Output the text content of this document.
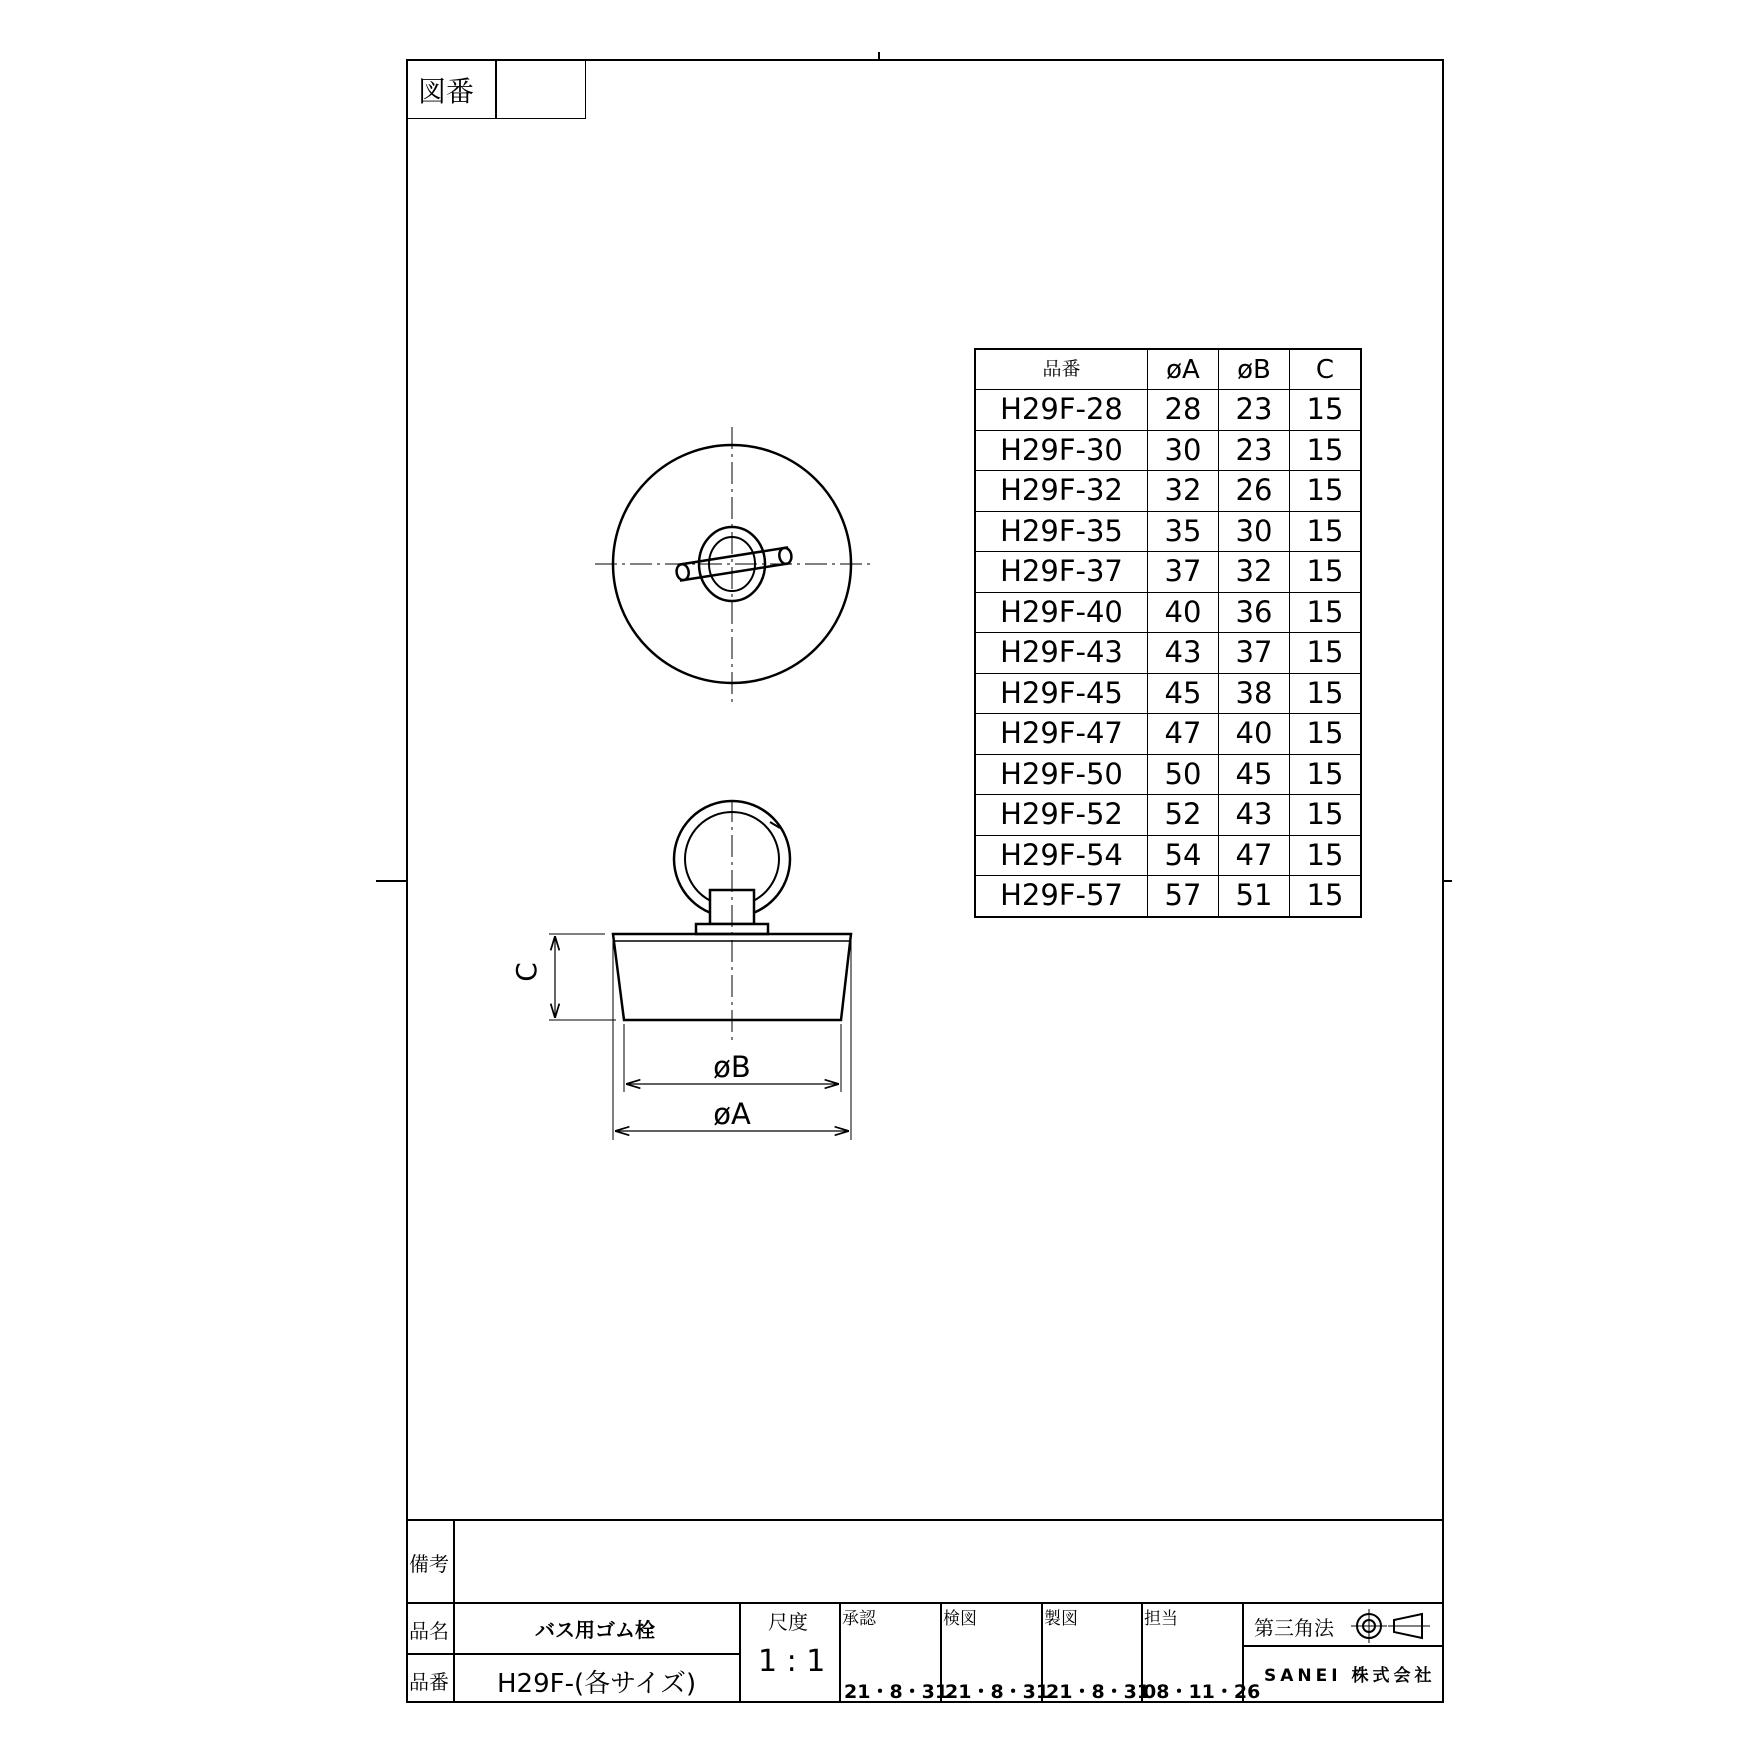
図番
øB
øA
C
品番	øA	øB	C
H29F-28	28	23	15
H29F-30	30	23	15
H29F-32	32	26	15
H29F-35	35	30	15
H29F-37	37	32	15
H29F-40	40	36	15
H29F-43	43	37	15
H29F-45	45	38	15
H29F-47	47	40	15
H29F-50	50	45	15
H29F-52	52	43	15
H29F-54	54	47	15
H29F-57	57	51	15
備考
品名	バス用ゴム栓
品番 H29F-(各サイズ)
尺度
1 : 1
承認
21・8・31
検図
21・8・31
製図
21・8・31
担当
08・11・26
第三角法
SANEI 株式会社
